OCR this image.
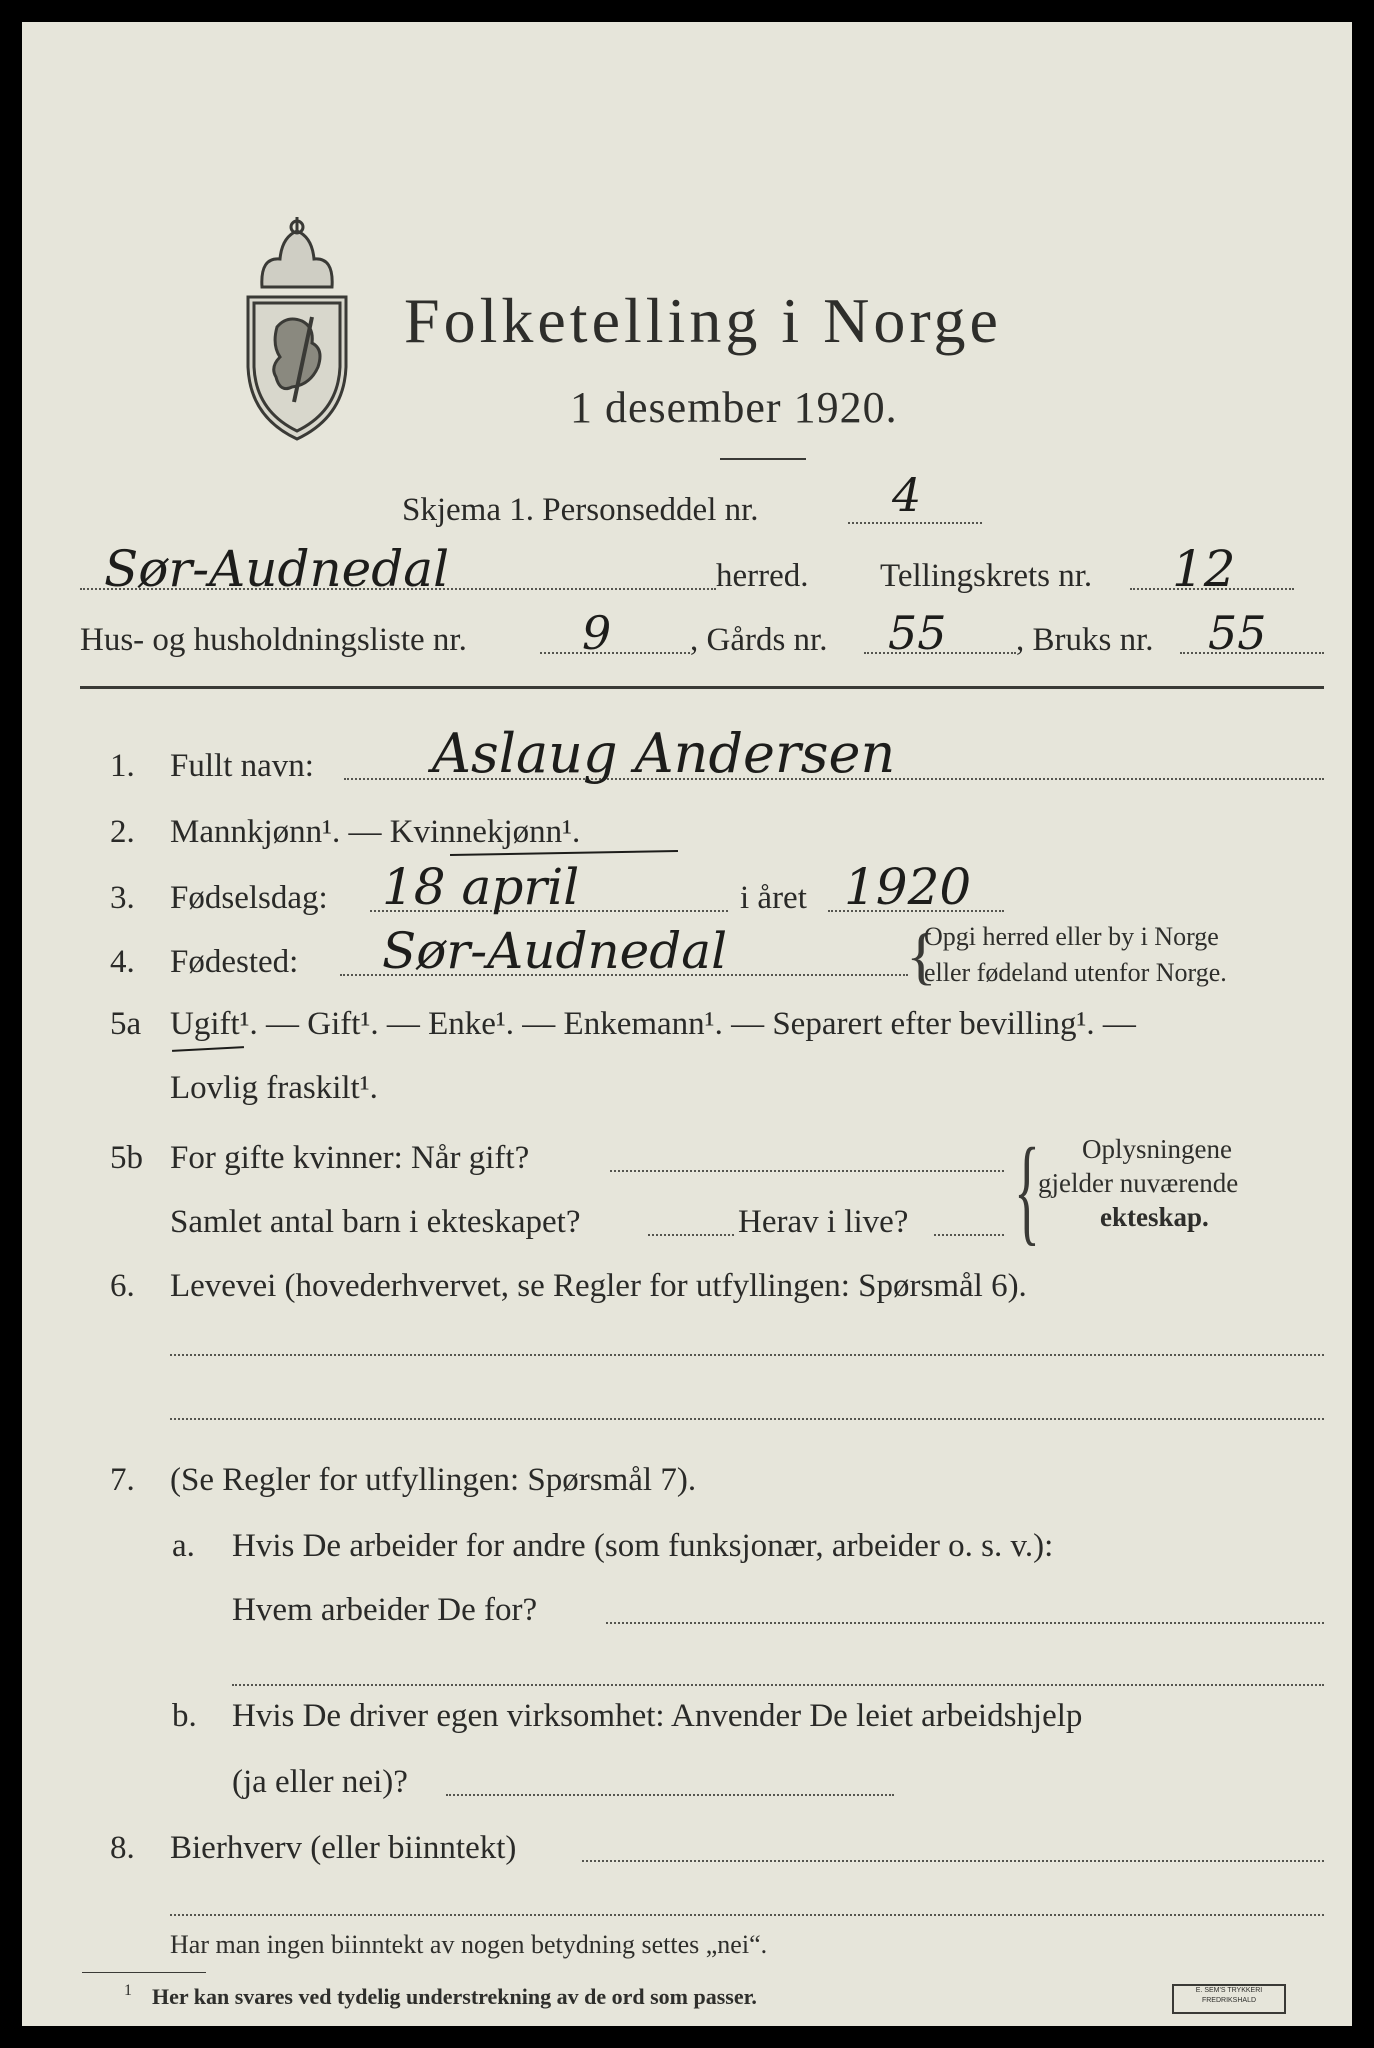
Folketelling i Norge
1 desember 1920.
Skjema 1. Personseddel nr.	4
Sør-Audnedal	herred. Tellingskrets nr. 12
Hus- og husholdningsliste nr.	9 , Gårds nr. 55 , Bruks nr. 55
1. Fullt navn: Aslaug Andersen
2. Mannkjønn¹. — Kvinnekjønn¹.
3. Fødselsdag: 18 april	i året 1920
4. Fødested: Sør-Audnedal	{
Opgi herred eller by i Norge
eller fødeland utenfor Norge.
5a Ugift¹. — Gift¹. — Enke¹. — Enkemann¹. — Separert efter bevilling¹. —
Lovlig fraskilt¹.
5b For gifte kvinner: Når gift?
Samlet antal barn i ekteskapet?	Herav i live? { Oplysningene
gjelder nuværende
ekteskap.
6. Levevei (hovederhvervet, se Regler for utfyllingen: Spørsmål 6).
7. (Se Regler for utfyllingen: Spørsmål 7).
a. Hvis De arbeider for andre (som funksjonær, arbeider o. s. v.):
Hvem arbeider De for?
b. Hvis De driver egen virksomhet: Anvender De leiet arbeidshjelp
(ja eller nei)?
8. Bierhverv (eller biinntekt)
Har man ingen biinntekt av nogen betydning settes „nei“.
1 Her kan svares ved tydelig understrekning av de ord som passer.	E. SEM'S TRYKKERI
FREDRIKSHALD
